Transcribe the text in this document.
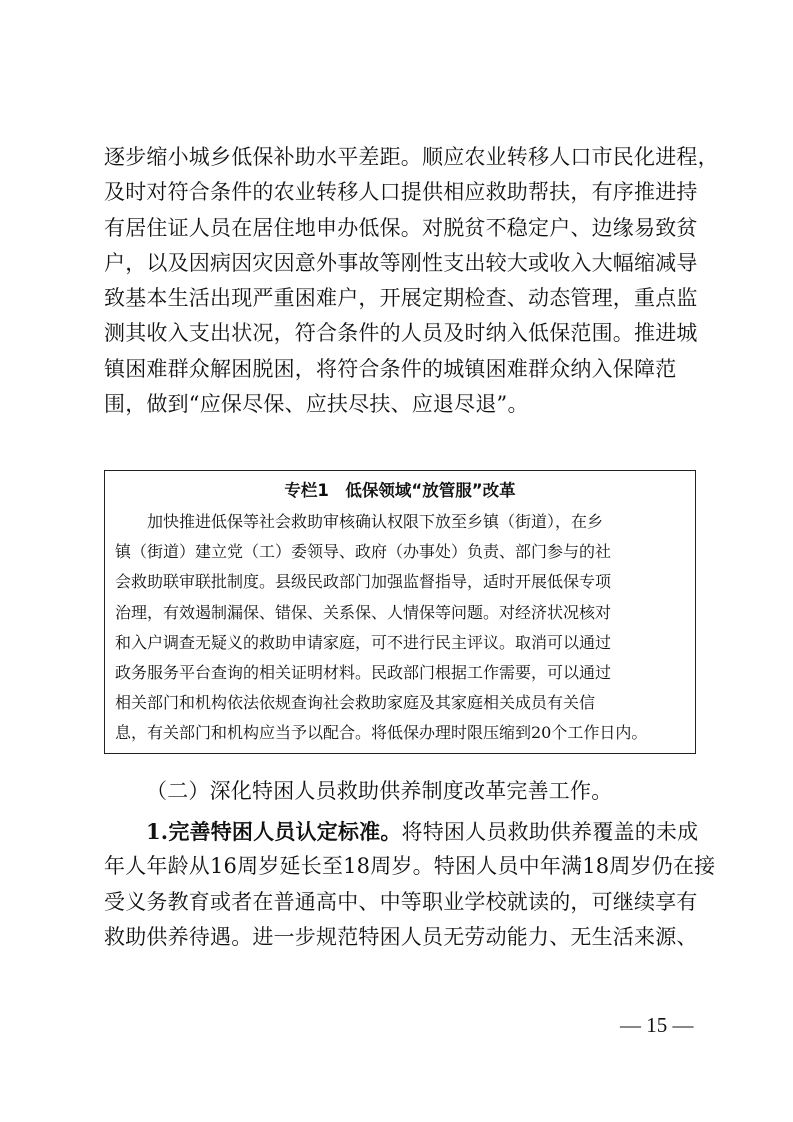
逐步缩小城乡低保补助水平差距。顺应农业转移人口市民化进程，
及时对符合条件的农业转移人口提供相应救助帮扶，有序推进持
有居住证人员在居住地申办低保。对脱贫不稳定户、边缘易致贫
户，以及因病因灾因意外事故等刚性支出较大或收入大幅缩减导
致基本生活出现严重困难户，开展定期检查、动态管理，重点监
测其收入支出状况，符合条件的人员及时纳入低保范围。推进城
镇困难群众解困脱困，将符合条件的城镇困难群众纳入保障范
围，做到“应保尽保、应扶尽扶、应退尽退”。

专栏1　低保领域“放管服”改革

　　加快推进低保等社会救助审核确认权限下放至乡镇（街道），在乡
镇（街道）建立党（工）委领导、政府（办事处）负责、部门参与的社
会救助联审联批制度。县级民政部门加强监督指导，适时开展低保专项
治理，有效遏制漏保、错保、关系保、人情保等问题。对经济状况核对
和入户调查无疑义的救助申请家庭，可不进行民主评议。取消可以通过
政务服务平台查询的相关证明材料。民政部门根据工作需要，可以通过
相关部门和机构依法依规查询社会救助家庭及其家庭相关成员有关信
息，有关部门和机构应当予以配合。将低保办理时限压缩到20个工作日内。
（二）深化特困人员救助供养制度改革完善工作。
1.完善特困人员认定标准。将特困人员救助供养覆盖的未成
年人年龄从16周岁延长至18周岁。特困人员中年满18周岁仍在接
受义务教育或者在普通高中、中等职业学校就读的，可继续享有
救助供养待遇。进一步规范特困人员无劳动能力、无生活来源、

— 15 —
